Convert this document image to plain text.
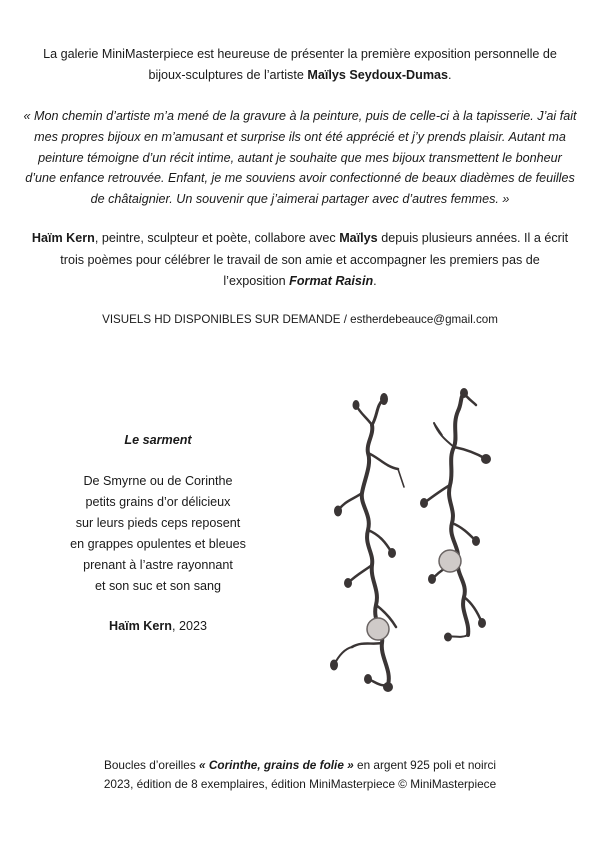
La galerie MiniMasterpiece est heureuse de présenter la première exposition personnelle de bijoux-sculptures de l’artiste Maïlys Seydoux-Dumas.
« Mon chemin d’artiste m’a mené de la gravure à la peinture, puis de celle-ci à la tapisserie. J’ai fait mes propres bijoux en m’amusant et surprise ils ont été apprécié et j’y prends plaisir. Autant ma peinture témoigne d’un récit intime, autant je souhaite que mes bijoux transmettent le bonheur d’une enfance retrouvée. Enfant, je me souviens avoir confectionné de beaux diadèmes de feuilles de châtaignier. Un souvenir que j’aimerai partager avec d’autres femmes. »
Haïm Kern, peintre, sculpteur et poète, collabore avec Maïlys depuis plusieurs années. Il a écrit trois poèmes pour célébrer le travail de son amie et accompagner les premiers pas de l’exposition Format Raisin.
VISUELS HD DISPONIBLES SUR DEMANDE / estherdebeauce@gmail.com
Le sarment
De Smyrne ou de Corinthe
petits grains d’or délicieux
sur leurs pieds ceps reposent
en grappes opulentes et bleues
prenant à l’astre rayonnant
et son suc et son sang
Haïm Kern, 2023
Boucles d’oreilles « Corinthe, grains de folie » en argent 925 poli et noirci
2023, édition de 8 exemplaires, édition MiniMasterpiece © MiniMasterpiece
